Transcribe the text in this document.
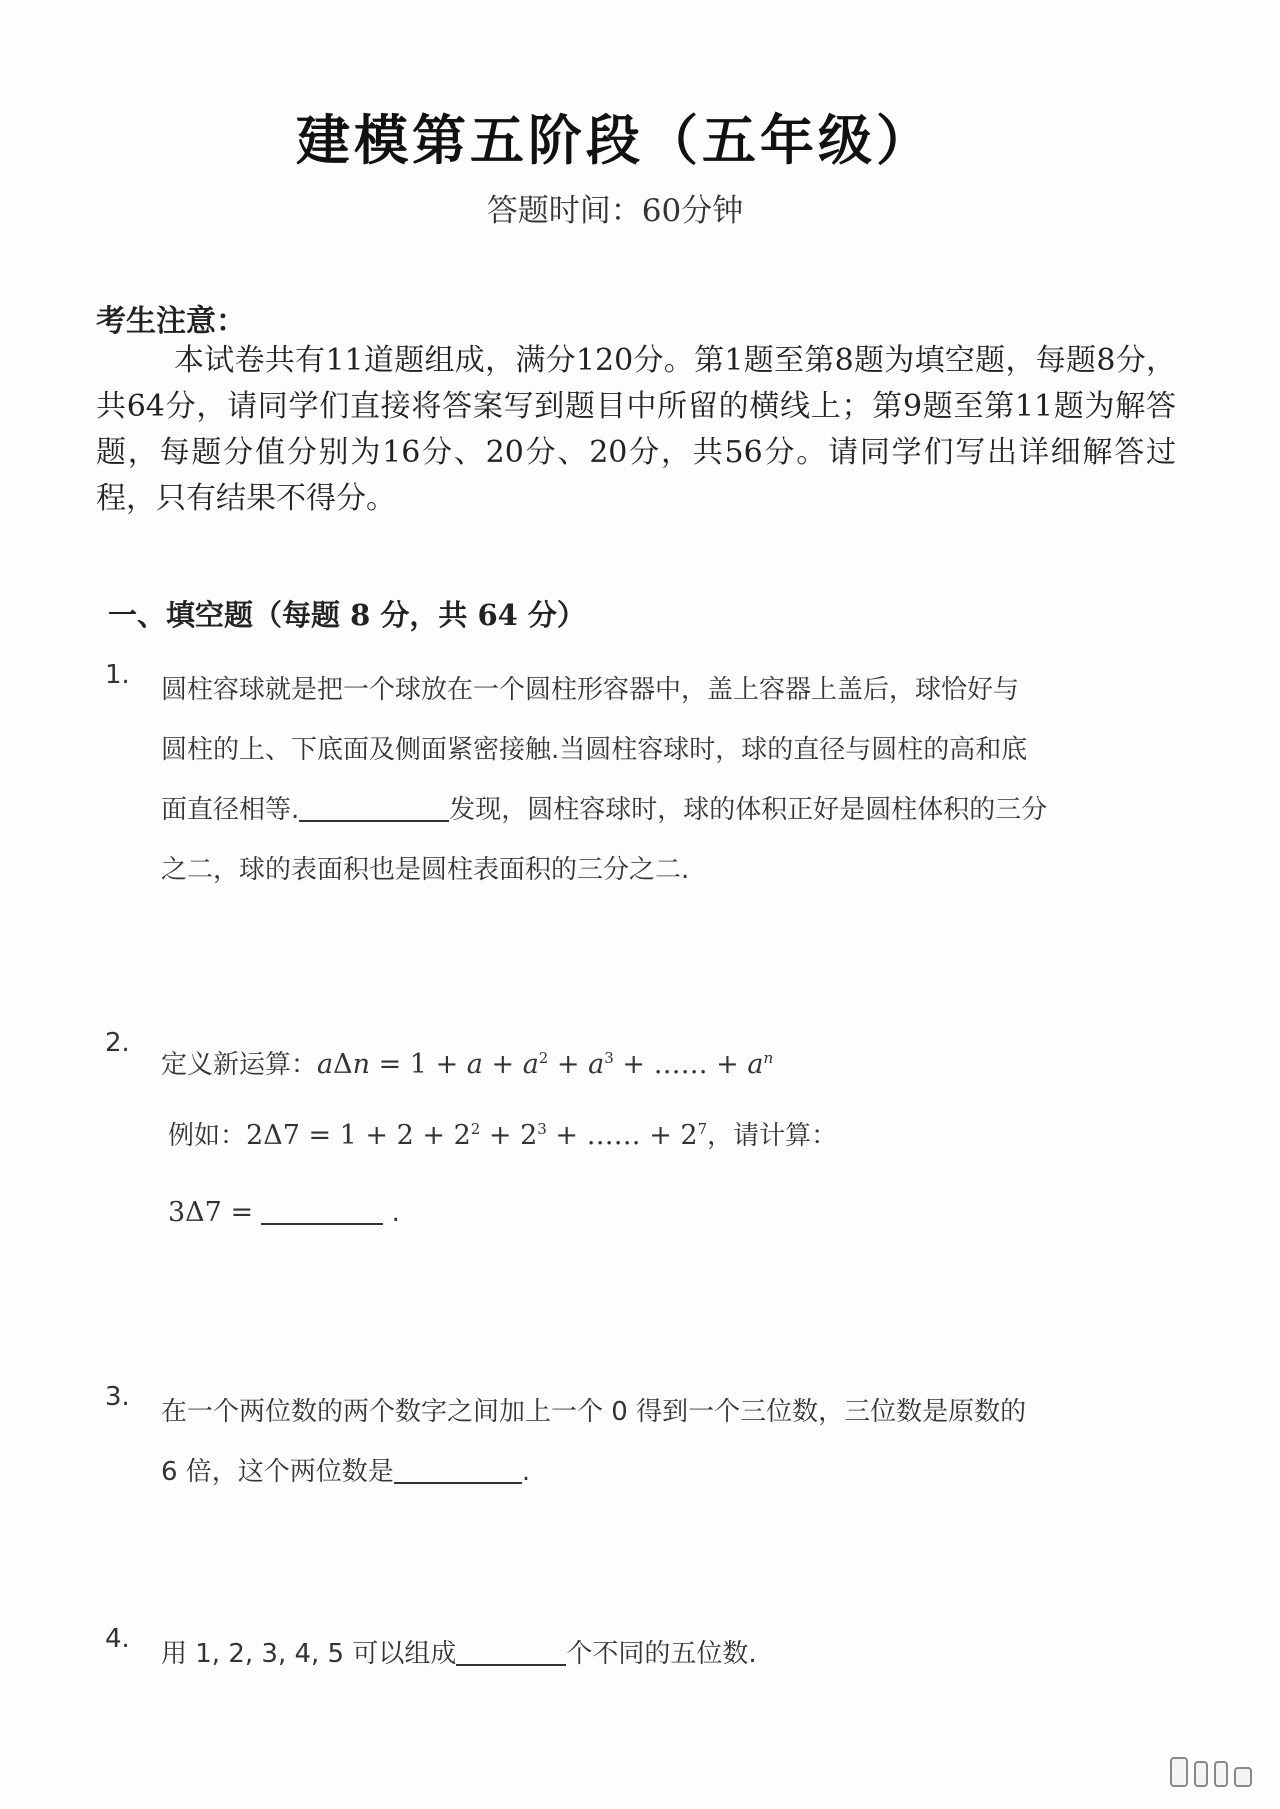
建模第五阶段（五年级）
答题时间：60分钟
考生注意：
本试卷共有11道题组成，满分120分。第1题至第8题为填空题，每题8分，共64分，请同学们直接将答案写到题目中所留的横线上；第9题至第11题为解答题，每题分值分别为16分、20分、20分，共56分。请同学们写出详细解答过程，只有结果不得分。
一、填空题（每题 8 分，共 64 分）
1.	圆柱容球就是把一个球放在一个圆柱形容器中，盖上容器上盖后，球恰好与
圆柱的上、下底面及侧面紧密接触.当圆柱容球时，球的直径与圆柱的高和底
面直径相等.	发现，圆柱容球时，球的体积正好是圆柱体积的三分
之二，球的表面积也是圆柱表面积的三分之二.
2.
定义新运算：$a\Delta n = 1 + a + a^2 + a^3$ + …… + $a^n$
例如：$2\Delta 7 = 1 + 2 + 2^2 + 2^3$ + …… + $2^7$，请计算：
3Δ7 =	.
3.	在一个两位数的两个数字之间加上一个 0 得到一个三位数，三位数是原数的
6 倍，这个两位数是	.
4.	用 1, 2, 3, 4, 5 可以组成	个不同的五位数.
